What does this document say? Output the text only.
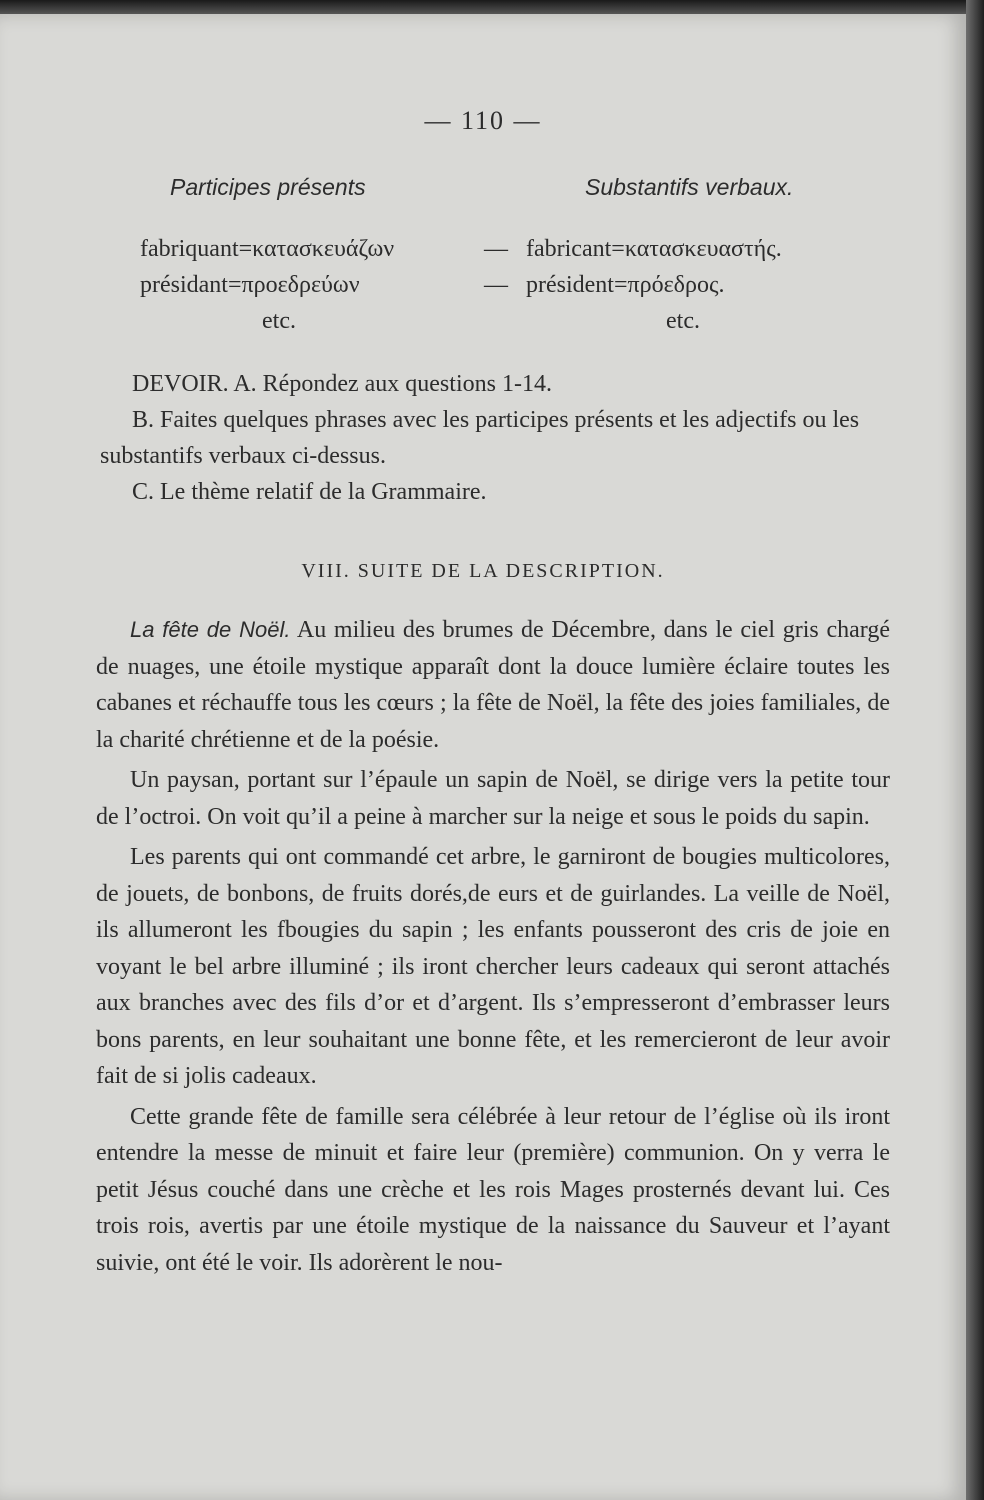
— 110 —
Participes présents	Substantifs verbaux.
fabriquant=κατασκευάζων	— fabricant=κατασκευαστής.
présidant=προεδρεύων	— président=πρόεδρος.
etc.	etc.

DEVOIR. A. Répondez aux questions 1-14.

B. Faites quelques phrases avec les participes présents et les adjectifs ou les substantifs verbaux ci-dessus.

C. Le thème relatif de la Grammaire.

VIII. SUITE DE LA DESCRIPTION.

La fête de Noël. Au milieu des brumes de Décembre, dans le ciel gris chargé de nuages, une étoile mystique apparaît dont la douce lumière éclaire toutes les cabanes et réchauffe tous les cœurs ; la fête de Noël, la fête des joies familiales, de la charité chrétienne et de la poésie.

Un paysan, portant sur l’épaule un sapin de Noël, se dirige vers la petite tour de l’octroi. On voit qu’il a peine à marcher sur la neige et sous le poids du sapin.

Les parents qui ont commandé cet arbre, le garniront de bougies multicolores, de jouets, de bonbons, de fruits dorés,de eurs et de guirlandes. La veille de Noël, ils allumeront les fbougies du sapin ; les enfants pousseront des cris de joie en voyant le bel arbre illuminé ; ils iront chercher leurs cadeaux qui seront attachés aux branches avec des fils d’or et d’argent. Ils s’empresseront d’embrasser leurs bons parents, en leur souhaitant une bonne fête, et les remercieront de leur avoir fait de si jolis cadeaux.

Cette grande fête de famille sera célébrée à leur retour de l’église où ils iront entendre la messe de minuit et faire leur (première) communion. On y verra le petit Jésus couché dans une crèche et les rois Mages prosternés devant lui. Ces trois rois, avertis par une étoile mystique de la naissance du Sauveur et l’ayant suivie, ont été le voir. Ils adorèrent le nou-
